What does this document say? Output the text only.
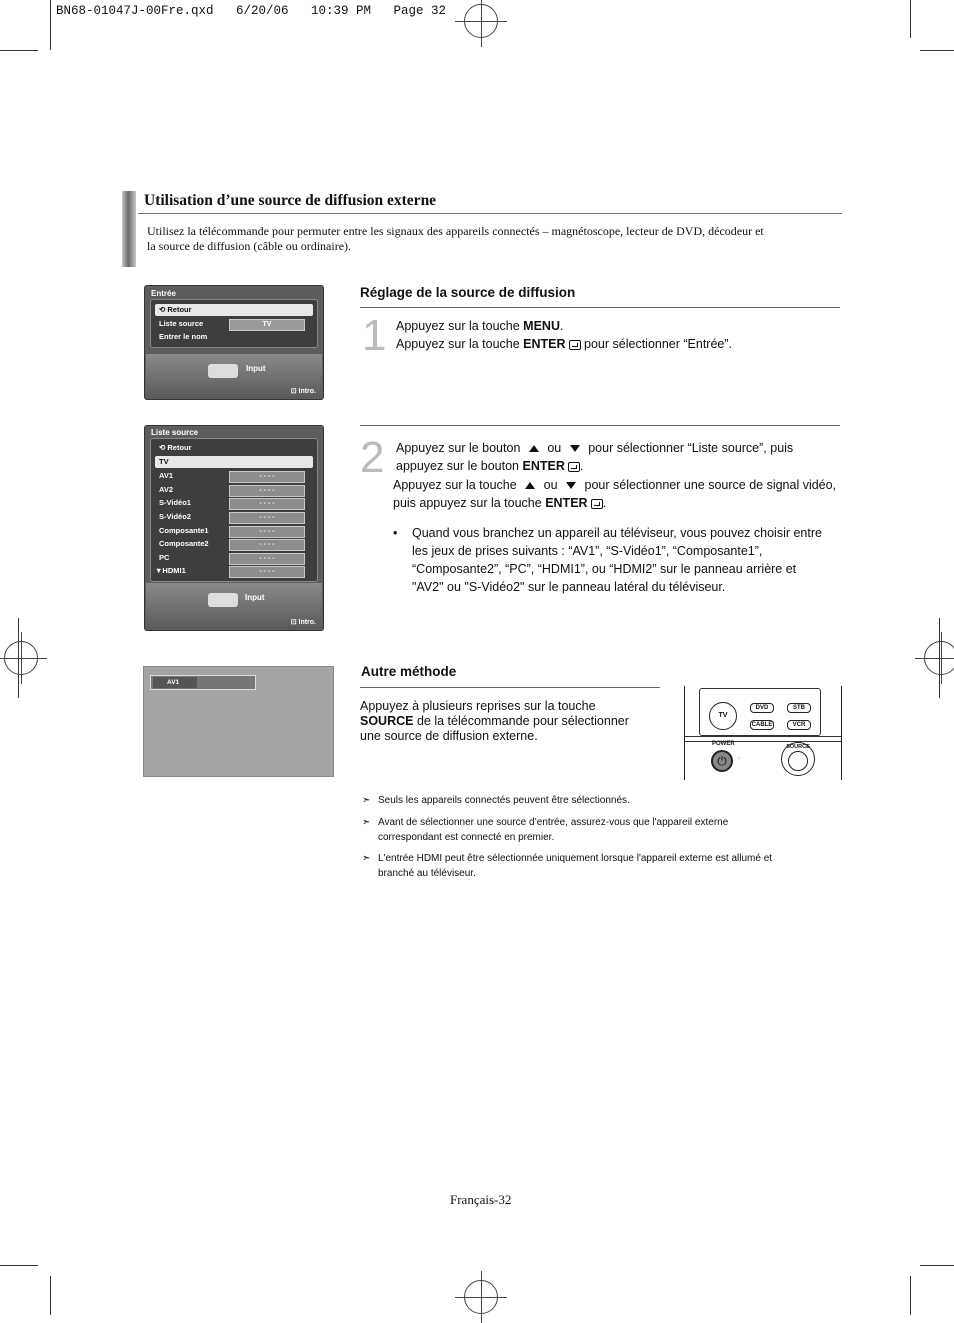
BN68-01047J-00Fre.qxd   6/20/06   10:39 PM   Page 32
Utilisation d’une source de diffusion externe
Utilisez la télécommande pour permuter entre les signaux des appareils connectés – magnétoscope, lecteur de DVD, décodeur et
la source de diffusion (câble ou ordinaire).
Entrée
⟲ Retour
Liste source	TV
Entrer le nom
Input
⊡ Intro.
Liste source
⟲ Retour
TV
AV1	- - - -
AV2	- - - -
S-Vidéo1	- - - -
S-Vidéo2	- - - -
Composante1	- - - -
Composante2	- - - -
PC	- - - -
▼HDMI1	- - - -
Input
⊡ Intro.
AV1
Réglage de la source de diffusion
1 Appuyez sur la touche MENU.
Appuyez sur la touche ENTER pour sélectionner “Entrée”.
2 Appuyez sur le bouton  ou  pour sélectionner “Liste source”, puis
appuyez sur le bouton ENTER .
Appuyez sur la touche  ou  pour sélectionner une source de signal vidéo,
puis appuyez sur la touche ENTER .
• Quand vous branchez un appareil au téléviseur, vous pouvez choisir entre
les jeux de prises suivants : “AV1”, “S-Vidéo1”, “Composante1”,
“Composante2”, “PC”, “HDMI1”, ou “HDMI2” sur le panneau arrière et
"AV2" ou "S-Vidéo2" sur le panneau latéral du téléviseur.
Autre méthode
Appuyez à plusieurs reprises sur la touche
SOURCE de la télécommande pour sélectionner
une source de diffusion externe.
TV
DVD	STB
CABLE	VCR
POWER
⏻	⁘
SOURCE
➣ Seuls les appareils connectés peuvent être sélectionnés.
➣ Avant de sélectionner une source d’entrée, assurez-vous que l'appareil externe
correspondant est connecté en premier.
➣ L'entrée HDMI peut être sélectionnée uniquement lorsque l'appareil externe est allumé et
branché au téléviseur.
Français-32
